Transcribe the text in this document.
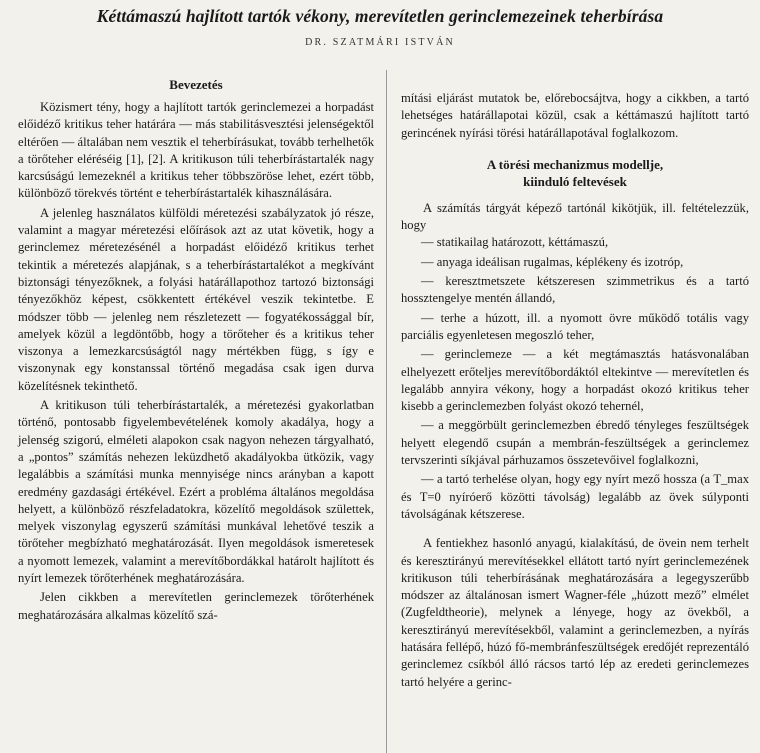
Kéttámaszú hajlított tartók vékony, merevítetlen gerinclemezeinek teherbírása
DR. SZATMÁRI ISTVÁN
Bevezetés

Közismert tény, hogy a hajlított tartók gerinclemezei a horpadást előidéző kritikus teher határára — más stabilitásvesztési jelenségektől eltérően — általában nem vesztik el teherbírásukat, tovább terhelhetők a törőteher eléréséig [1], [2]. A kritikuson túli teherbírástartalék nagy karcsúságú lemezeknél a kritikus teher többszöröse lehet, ezért több, különböző törekvés történt e teherbírástartalék kihasználására.

A jelenleg használatos külföldi méretezési szabályzatok jó része, valamint a magyar méretezési előírások azt az utat követik, hogy a gerinclemez méretezésénél a horpadást előidéző kritikus terhet tekintik a méretezés alapjának, s a teherbírástartalékot a megkívánt biztonsági tényezőknek, a folyási határállapothoz tartozó biztonsági tényezőkhöz képest, csökkentett értékével veszik tekintetbe. E módszer több — jelenleg nem részletezett — fogyatékossággal bír, amelyek közül a legdöntőbb, hogy a törőteher és a kritikus teher viszonya a lemezkarcsúságtól nagy mértékben függ, s így e viszonynak egy konstanssal történő megadása csak igen durva közelítésnek tekinthető.

A kritikuson túli teherbírástartalék, a méretezési gyakorlatban történő, pontosabb figyelembevételének komoly akadálya, hogy a jelenség szigorú, elméleti alapokon csak nagyon nehezen tárgyalható, a „pontos” számítás nehezen leküzdhető akadályokba ütközik, vagy legalábbis a számítási munka mennyisége nincs arányban a kapott eredmény gazdasági értékével. Ezért a probléma általános megoldása helyett, a különböző részfeladatokra, közelítő megoldások születtek, melyek viszonylag egyszerű számítási munkával lehetővé teszik a törőteher megbízható meghatározását. Ilyen megoldások ismeretesek a nyomott lemezek, valamint a merevítőbordákkal határolt hajlított és nyírt lemezek törőterhének meghatározására.

Jelen cikkben a merevítetlen gerinclemezek törőterhének meghatározására alkalmas közelítő szá-

mítási eljárást mutatok be, előrebocsájtva, hogy a cikkben, a tartó lehetséges határállapotai közül, csak a kéttámaszú hajlított tartó gerincének nyírási törési határállapotával foglalkozom.

A törési mechanizmus modellje,
kiinduló feltevések

A számítás tárgyát képező tartónál kikötjük, ill. feltételezzük, hogy

— statikailag határozott, kéttámaszú,

— anyaga ideálisan rugalmas, képlékeny és izotróp,

— keresztmetszete kétszeresen szimmetrikus és a tartó hossztengelye mentén állandó,

— terhe a húzott, ill. a nyomott övre működő totális vagy parciális egyenletesen megoszló teher,

— gerinclemeze — a két megtámasztás hatásvonalában elhelyezett erőteljes merevítőbordáktól eltekintve — merevítetlen és legalább annyira vékony, hogy a horpadást okozó kritikus teher kisebb a gerinclemezben folyást okozó tehernél,

— a meggörbült gerinclemezben ébredő tényleges feszültségek helyett elegendő csupán a membrán-feszültségek a gerinclemez tervszerinti síkjával párhuzamos összetevőivel foglalkozni,

— a tartó terhelése olyan, hogy egy nyírt mező hossza (a T_max és T=0 nyíróerő közötti távolság) legalább az övek súlyponti távolságának kétszerese.

A fentiekhez hasonló anyagú, kialakítású, de övein nem terhelt és keresztirányú merevítésekkel ellátott tartó nyírt gerinclemezének kritikuson túli teherbírásának meghatározására a legegyszerűbb módszer az általánosan ismert Wagner-féle „húzott mező” elmélet (Zugfeldtheorie), melynek a lényege, hogy az övekből, a keresztirányú merevítésekből, valamint a gerinclemezben, a nyírás hatására fellépő, húzó fő-membránfeszültségek eredőjét reprezentáló gerinclemez csíkból álló rácsos tartó lép az eredeti gerinclemezes tartó helyére a gerinc-
